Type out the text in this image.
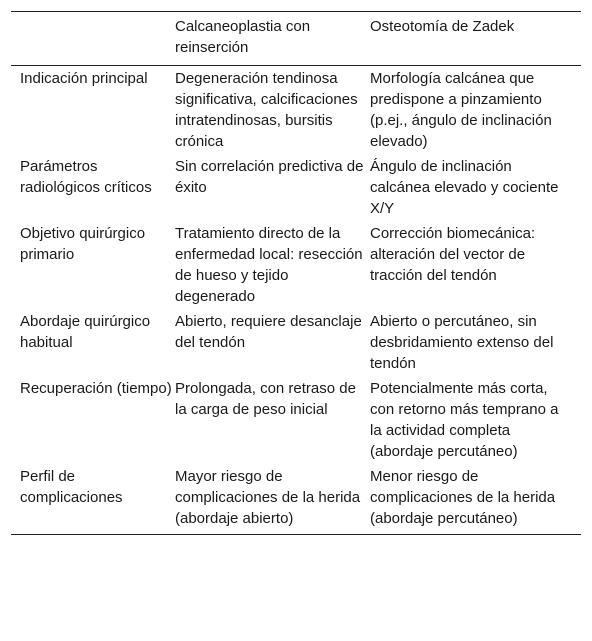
	Calcaneoplastia con reinserción	Osteotomía de Zadek
Indicación principal	Degeneración tendinosa significativa, calcificaciones intratendinosas, bursitis crónica	Morfología calcánea que predispone a pinzamiento (p.ej., ángulo de inclinación elevado)
Parámetros radiológicos críticos	Sin correlación predictiva de éxito	Ángulo de inclinación calcánea elevado y cociente X/Y
Objetivo quirúrgico primario	Tratamiento directo de la enfermedad local: resección de hueso y tejido degenerado	Corrección biomecánica: alteración del vector de tracción del tendón
Abordaje quirúrgico habitual	Abierto, requiere desanclaje del tendón	Abierto o percutáneo, sin desbridamiento extenso del tendón
Recuperación (tiempo)	Prolongada, con retraso de la carga de peso inicial	Potencialmente más corta, con retorno más temprano a la actividad completa (abordaje percutáneo)
Perfil de complicaciones	Mayor riesgo de complicaciones de la herida (abordaje abierto)	Menor riesgo de complicaciones de la herida (abordaje percutáneo)
